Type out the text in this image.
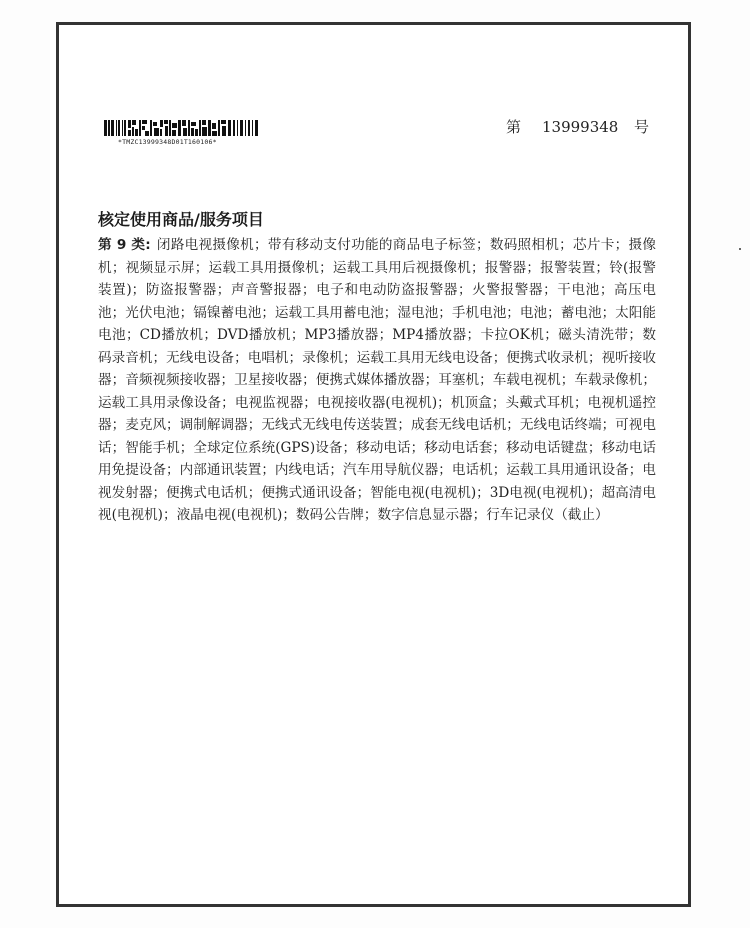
*TMZC13999348D01T160106*
第 13999348 号
核定使用商品/服务项目
第 9 类: 闭路电视摄像机；带有移动支付功能的商品电子标签；数码照相机；芯片卡；摄像机；视频显示屏；运载工具用摄像机；运载工具用后视摄像机；报警器；报警装置；铃(报警装置)；防盗报警器；声音警报器；电子和电动防盗报警器；火警报警器；干电池；高压电池；光伏电池；镉镍蓄电池；运载工具用蓄电池；湿电池；手机电池；电池；蓄电池；太阳能电池；CD播放机；DVD播放机；MP3播放器；MP4播放器；卡拉OK机；磁头清洗带；数码录音机；无线电设备；电唱机；录像机；运载工具用无线电设备；便携式收录机；视听接收器；音频视频接收器；卫星接收器；便携式媒体播放器；耳塞机；车载电视机；车载录像机；运载工具用录像设备；电视监视器；电视接收器(电视机)；机顶盒；头戴式耳机；电视机遥控器；麦克风；调制解调器；无线式无线电传送装置；成套无线电话机；无线电话终端；可视电话；智能手机；全球定位系统(GPS)设备；移动电话；移动电话套；移动电话键盘；移动电话用免提设备；内部通讯装置；内线电话；汽车用导航仪器；电话机；运载工具用通讯设备；电视发射器；便携式电话机；便携式通讯设备；智能电视(电视机)；3D电视(电视机)；超高清电视(电视机)；液晶电视(电视机)；数码公告牌；数字信息显示器；行车记录仪（截止）
